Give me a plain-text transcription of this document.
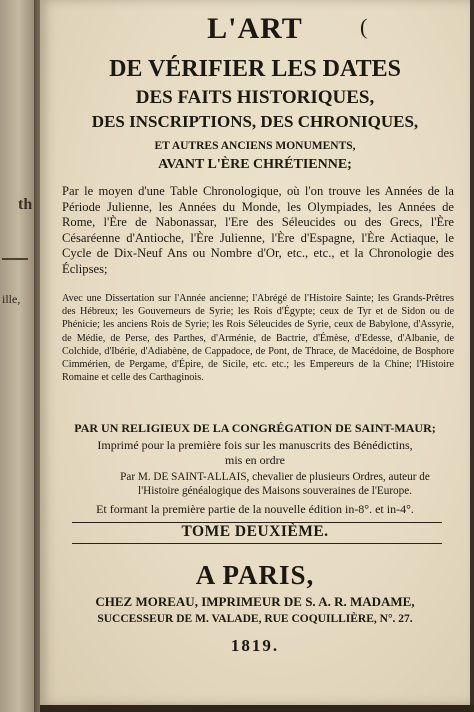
ille,
th
L'ART	(
DE VÉRIFIER LES DATES
DES FAITS HISTORIQUES,
DES INSCRIPTIONS, DES CHRONIQUES,
ET AUTRES ANCIENS MONUMENTS,
AVANT L'ÈRE CHRÉTIENNE;
Par le moyen d'une Table Chronologique, où l'on trouve les Années de la Période Julienne, les Années du Monde, les Olympiades, les Années de Rome, l'Ère de Nabonassar, l'Ere des Séleucides ou des Grecs, l'Ère Césaréenne d'Antioche, l'Ère Julienne, l'Ère d'Espagne, l'Ère Actiaque, le Cycle de Dix-Neuf Ans ou Nombre d'Or, etc., etc., et la Chronologie des Éclipses;
Avec une Dissertation sur l'Année ancienne; l'Abrégé de l'Histoire Sainte; les Grands-Prêtres des Hébreux; les Gouverneurs de Syrie; les Rois d'Égypte; ceux de Tyr et de Sidon ou de Phénicie; les anciens Rois de Syrie; les Rois Séleucides de Syrie, ceux de Babylone, d'Assyrie, de Médie, de Perse, des Parthes, d'Arménie, de Bactrie, d'Émèse, d'Edesse, d'Albanie, de Colchide, d'Ibérie, d'Adiabène, de Cappadoce, de Pont, de Thrace, de Macédoine, de Bosphore Cimmérien, de Pergame, d'Épire, de Sicile, etc. etc.; les Empereurs de la Chine; l'Histoire Romaine et celle des Carthaginois.
PAR UN RELIGIEUX DE LA CONGRÉGATION DE SAINT-MAUR;
Imprimé pour la première fois sur les manuscrits des Bénédictins,
mis en ordre
Par M. DE SAINT-ALLAIS, chevalier de plusieurs Ordres, auteur de l'Histoire généalogique des Maisons souveraines de l'Europe.
Et formant la première partie de la nouvelle édition in-8°. et in-4°.
TOME DEUXIÈME.
A PARIS,
CHEZ MOREAU, IMPRIMEUR DE S. A. R. MADAME,
SUCCESSEUR DE M. VALADE, RUE COQUILLIÈRE, N°. 27.
1819.
